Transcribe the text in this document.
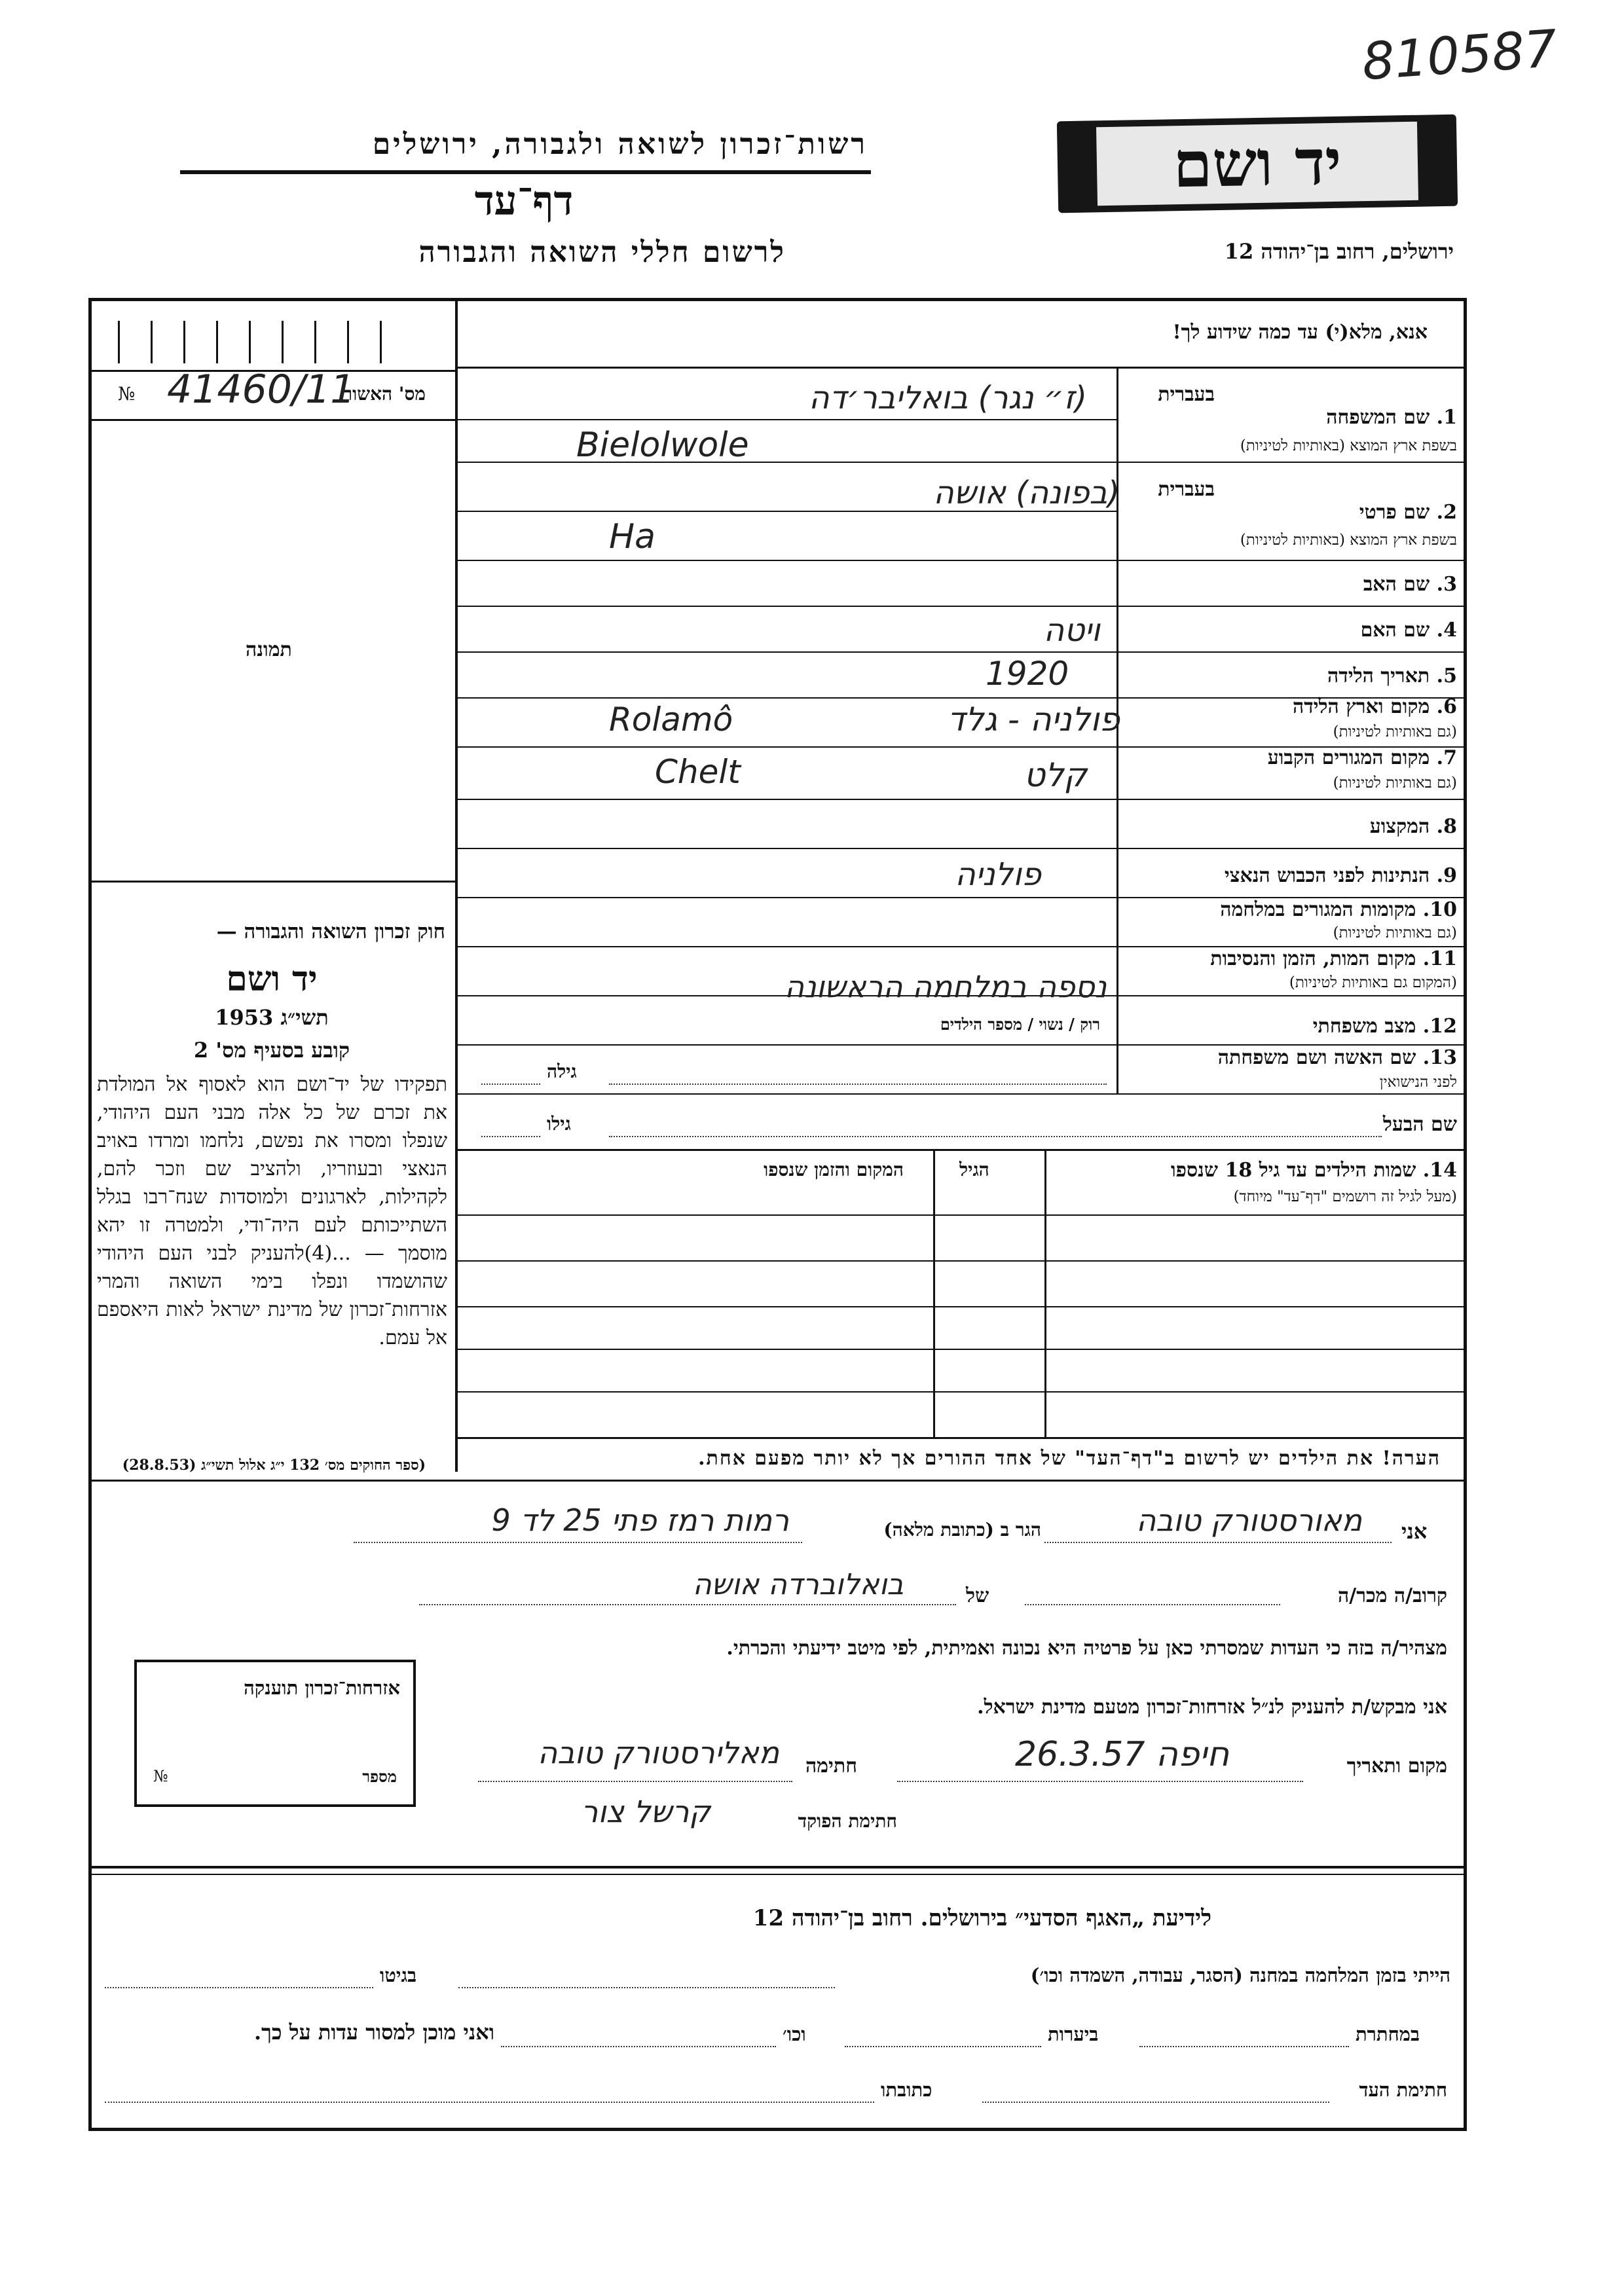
810587
יד ושם
ירושלים, רחוב בן־יהודה 12
רשות־זכרון לשואה ולגבורה, ירושלים
דף־עד
לרשום חללי השואה והגבורה
מס' האשור
№ 41460/11
תמונה
חוק זכרון השואה והגבורה —
יד ושם
תשי״ג 1953
קובע בסעיף מס' 2
תפקידו של יד־ושם הוא לאסוף אל המולדת את זכרם של כל אלה מבני העם היהודי, שנפלו ומסרו את נפשם, נלחמו ומרדו באויב הנאצי ובעוזריו, ולהציב שם וזכר להם, לקהילות, לארגונים ולמוסדות שנח־רבו בגלל השתייכותם לעם היה־ודי, ולמטרה זו יהא מוסמך — ...(4)להעניק לבני העם היהודי שהושמדו ונפלו בימי השואה והמרי אזרחות־זכרון של מדינת ישראל לאות היאספם אל עמם.
(ספר החוקים מס׳ 132 י״ג אלול תשי״ג (28.8.53)
אנא, מלא(י) עד כמה שידוע לך!
בעברית
1. שם המשפחה
בשפת ארץ המוצא (באותיות לטיניות)
(ז״ נגר) בואליבר׳דה
Bielolwole
בעברית
2. שם פרטי
בשפת ארץ המוצא (באותיות לטיניות)
(בפונה) אושה
Ha
3. שם האב
4. שם האם
ויטה
5. תאריך הלידה
1920
6. מקום וארץ הלידה
(גם באותיות לטיניות)
Rolamô	פולניה - גלד
7. מקום המגורים הקבוע
(גם באותיות לטיניות)
Chelt	קלט
8. המקצוע
9. הנתינות לפני הכבוש הנאצי
פולניה
10. מקומות המגורים במלחמה
(גם באותיות לטיניות)
11. מקום המות, הזמן והנסיבות
(המקום גם באותיות לטיניות)
נספה במלחמה הראשונה
רוק / נשוי / מספר הילדים	12. מצב משפחתי
13. שם האשה ושם משפחתה
לפני הנישואין
גילה
שם הבעל
גילו
14. שמות הילדים עד גיל 18 שנספו
(מעל לגיל זה רושמים "דף־עד" מיוחד)
הגיל
המקום והזמן שנספו
הערה! את הילדים יש לרשום ב"דף־העד" של אחד ההורים אך לא יותר מפעם אחת.
אני
מאורסטורק טובה
הגר ב (כתובת מלאה)
רמות רמז פתי 25 לד 9
קרוב/ה מכר/ה
של
בואלוברדה אושה
מצהיר/ה בזה כי העדות שמסרתי כאן על פרטיה היא נכונה ואמיתית, לפי מיטב ידיעתי והכרתי.
אני מבקש/ת להעניק לנ״ל אזרחות־זכרון מטעם מדינת ישראל.
מקום ותאריך
חיפה 26.3.57
חתימה
מאלירסטורק טובה
חתימת הפוקד
קרשל צור
אזרחות־זכרון תוענקה
מספר
№
לידיעת „האגף הסדעי״ בירושלים. רחוב בן־יהודה 12
הייתי בזמן המלחמה במחנה (הסגר, עבודה, השמדה וכו׳)
בגיטו
במחתרת
ביערות
וכו׳
ואני מוכן למסור עדות על כך.
חתימת העד
כתובתו
